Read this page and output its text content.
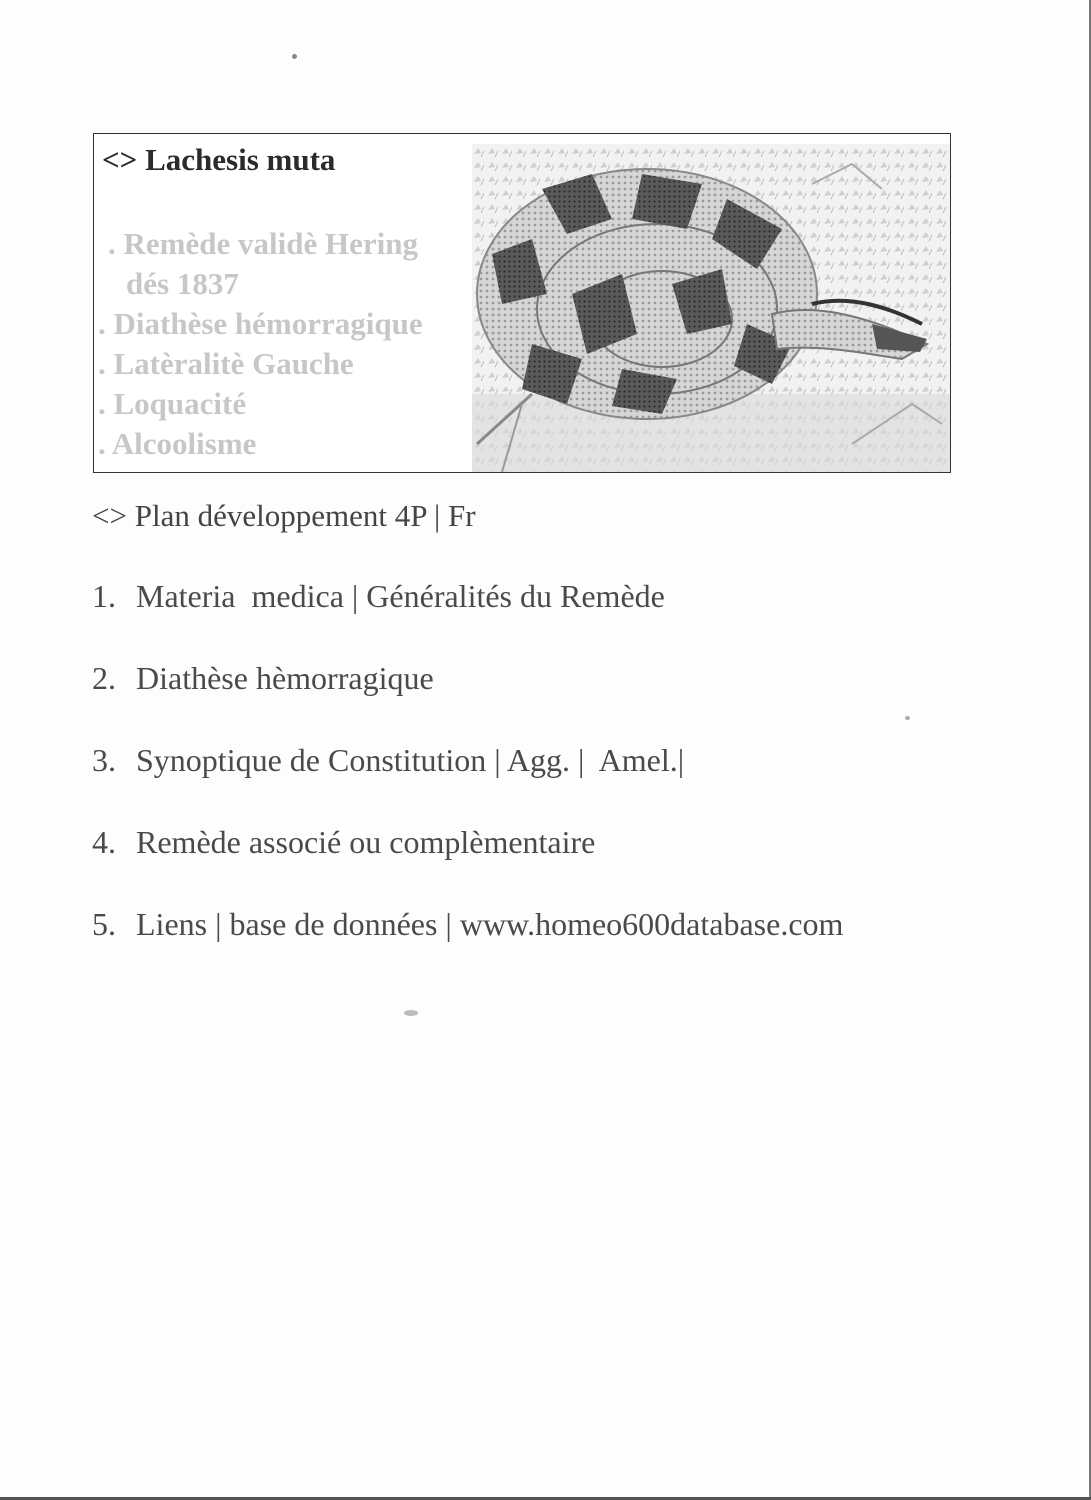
<> Lachesis muta
. Remède validè Hering
dés 1837
. Diathèse hémorragique
. Latèralitè Gauche
. Loquacité
. Alcoolisme
<> Plan développement 4P | Fr
1. Materia  medica | Généralités du Remède
2. Diathèse hèmorragique
3. Synoptique de Constitution | Agg. |  Amel.|
4. Remède associé ou complèmentaire
5. Liens | base de données | www.homeo600database.com
